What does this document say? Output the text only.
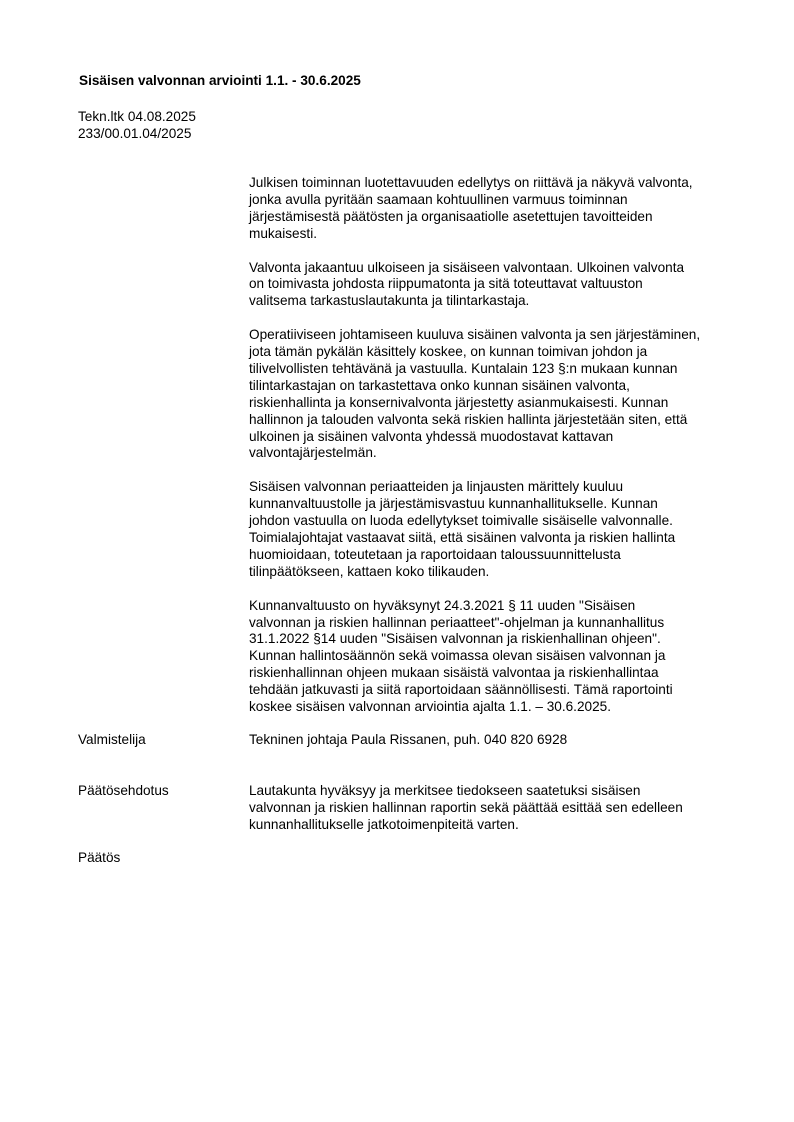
Sisäisen valvonnan arviointi 1.1. - 30.6.2025
Tekn.ltk 04.08.2025
233/00.01.04/2025
Julkisen toiminnan luotettavuuden edellytys on riittävä ja näkyvä valvonta,
jonka avulla pyritään saamaan kohtuullinen varmuus toiminnan
järjestämisestä päätösten ja organisaatiolle asetettujen tavoitteiden
mukaisesti.
Valvonta jakaantuu ulkoiseen ja sisäiseen valvontaan. Ulkoinen valvonta
on toimivasta johdosta riippumatonta ja sitä toteuttavat valtuuston
valitsema tarkastuslautakunta ja tilintarkastaja.
Operatiiviseen johtamiseen kuuluva sisäinen valvonta ja sen järjestäminen,
jota tämän pykälän käsittely koskee, on kunnan toimivan johdon ja
tilivelvollisten tehtävänä ja vastuulla. Kuntalain 123 §:n mukaan kunnan
tilintarkastajan on tarkastettava onko kunnan sisäinen valvonta,
riskienhallinta ja konsernivalvonta järjestetty asianmukaisesti. Kunnan
hallinnon ja talouden valvonta sekä riskien hallinta järjestetään siten, että
ulkoinen ja sisäinen valvonta yhdessä muodostavat kattavan
valvontajärjestelmän.
Sisäisen valvonnan periaatteiden ja linjausten märittely kuuluu
kunnanvaltuustolle ja järjestämisvastuu kunnanhallitukselle. Kunnan
johdon vastuulla on luoda edellytykset toimivalle sisäiselle valvonnalle.
Toimialajohtajat vastaavat siitä, että sisäinen valvonta ja riskien hallinta
huomioidaan, toteutetaan ja raportoidaan taloussuunnittelusta
tilinpäätökseen, kattaen koko tilikauden.
Kunnanvaltuusto on hyväksynyt 24.3.2021 § 11 uuden "Sisäisen
valvonnan ja riskien hallinnan periaatteet"-ohjelman ja kunnanhallitus
31.1.2022 §14 uuden "Sisäisen valvonnan ja riskienhallinan ohjeen".
Kunnan hallintosäännön sekä voimassa olevan sisäisen valvonnan ja
riskienhallinnan ohjeen mukaan sisäistä valvontaa ja riskienhallintaa
tehdään jatkuvasti ja siitä raportoidaan säännöllisesti. Tämä raportointi
koskee sisäisen valvonnan arviointia ajalta 1.1. – 30.6.2025.
Valmistelija	Tekninen johtaja Paula Rissanen, puh. 040 820 6928
Päätösehdotus	Lautakunta hyväksyy ja merkitsee tiedokseen saatetuksi sisäisen
valvonnan ja riskien hallinnan raportin sekä päättää esittää sen edelleen
kunnanhallitukselle jatkotoimenpiteitä varten.
Päätös
